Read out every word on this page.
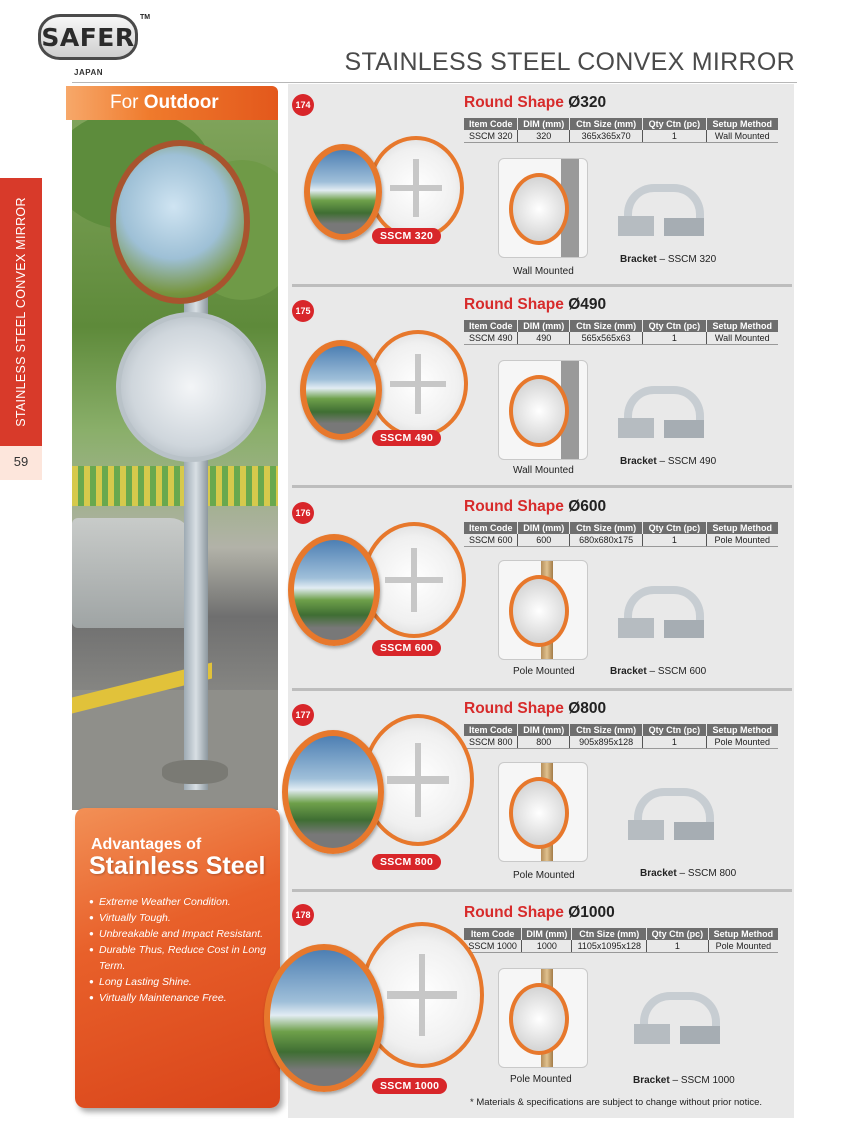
SAFER
TM
JAPAN	STAINLESS STEEL CONVEX MIRROR
STAINLESS STEEL CONVEX MIRROR
59
For Outdoor
Advantages of
Stainless Steel
● Extreme Weather Condition.
● Virtually Tough.
● Unbreakable and Impact Resistant.
● Durable Thus, Reduce Cost in Long Term.
● Long Lasting Shine.
● Virtually Maintenance Free.
174	Round Shape Ø320
Item Code	DIM (mm)	Ctn Size (mm)	Qty Ctn (pc)	Setup Method
SSCM 320	320	365x365x70	1	Wall Mounted
SSCM 320
Wall Mounted
Bracket – SSCM 320
175	Round Shape Ø490
Item Code	DIM (mm)	Ctn Size (mm)	Qty Ctn (pc)	Setup Method
SSCM 490	490	565x565x63	1	Wall Mounted
SSCM 490
Wall Mounted
Bracket – SSCM 490
176	Round Shape Ø600
Item Code	DIM (mm)	Ctn Size (mm)	Qty Ctn (pc)	Setup Method
SSCM 600	600	680x680x175	1	Pole Mounted
SSCM 600
Pole Mounted	Bracket – SSCM 600
177	Round Shape Ø800
Item Code	DIM (mm)	Ctn Size (mm)	Qty Ctn (pc)	Setup Method
SSCM 800	800	905x895x128	1	Pole Mounted
SSCM 800
Pole Mounted	Bracket – SSCM 800
178	Round Shape Ø1000
Item Code	DIM (mm)	Ctn Size (mm)	Qty Ctn (pc)	Setup Method
SSCM 1000	1000	1105x1095x128	1	Pole Mounted
SSCM 1000
Pole Mounted	Bracket – SSCM 1000
* Materials & specifications are subject to change without prior notice.
